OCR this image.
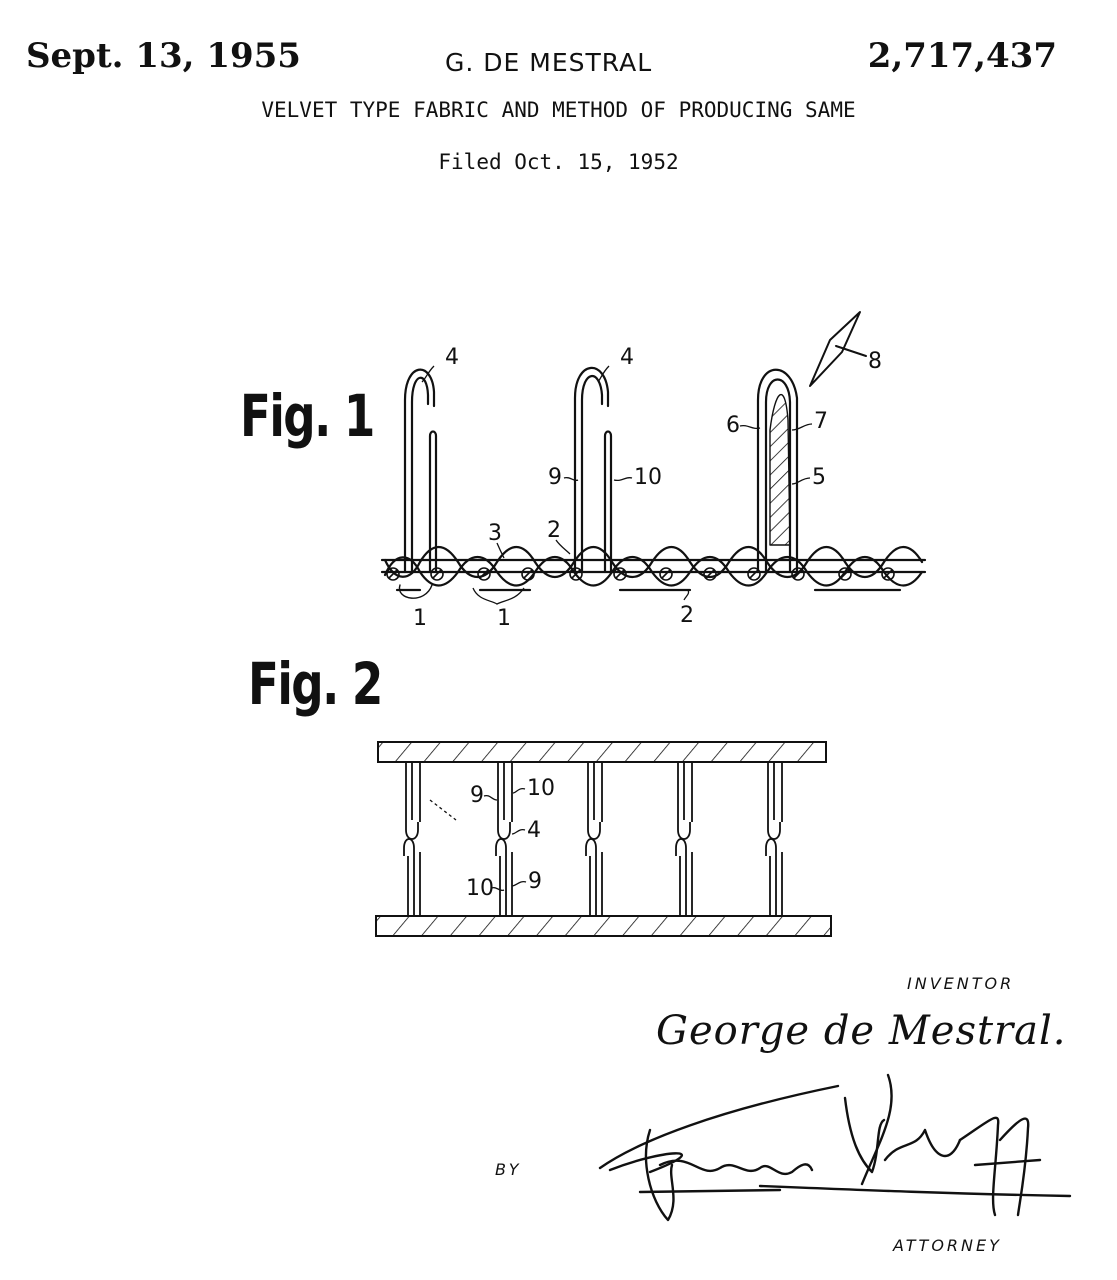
Sept. 13, 1955	G. DE MESTRAL	2,717,437
VELVET TYPE FABRIC AND METHOD OF PRODUCING SAME
Filed Oct. 15, 1952
Fig. 1
Fig. 2
4	4	8
6	7
5
9	10
3 2
2
1	1
9 10
4
10 9
INVENTOR
George de Mestral.
BY
ATTORNEY
